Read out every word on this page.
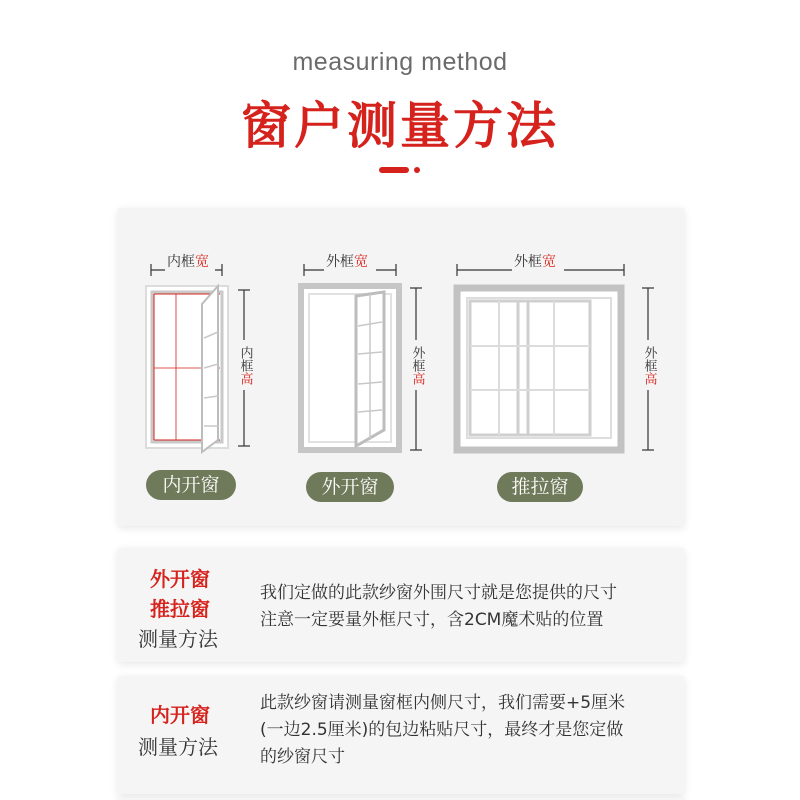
measuring method
窗户测量方法
内框宽
内框高
外框宽
外框高
外框宽
外框高
内开窗	外开窗	推拉窗
外开窗
推拉窗
测量方法
我们定做的此款纱窗外围尺寸就是您提供的尺寸
注意一定要量外框尺寸，含2CM魔术贴的位置
内开窗
测量方法
此款纱窗请测量窗框内侧尺寸，我们需要+5厘米
(一边2.5厘米)的包边粘贴尺寸，最终才是您定做
的纱窗尺寸
